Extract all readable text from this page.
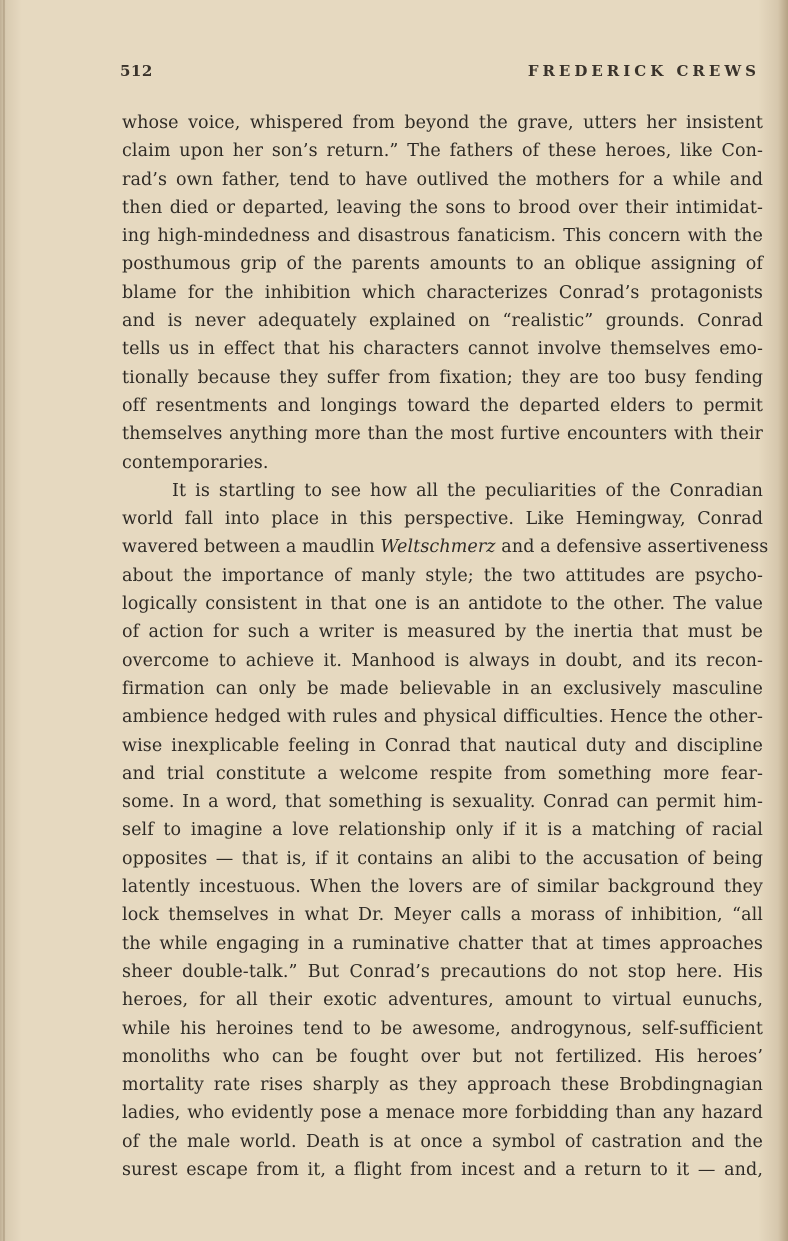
512	FREDERICK CREWS
whose voice, whispered from beyond the grave, utters her insistent
claim upon her son’s return.” The fathers of these heroes, like Con-
rad’s own father, tend to have outlived the mothers for a while and
then died or departed, leaving the sons to brood over their intimidat-
ing high-mindedness and disastrous fanaticism. This concern with the
posthumous grip of the parents amounts to an oblique assigning of
blame for the inhibition which characterizes Conrad’s protagonists
and is never adequately explained on “realistic” grounds. Conrad
tells us in effect that his characters cannot involve themselves emo-
tionally because they suffer from fixation; they are too busy fending
off resentments and longings toward the departed elders to permit
themselves anything more than the most furtive encounters with their
contemporaries.
It is startling to see how all the peculiarities of the Conradian
world fall into place in this perspective. Like Hemingway, Conrad
wavered between a maudlin Weltschmerz and a defensive assertiveness
about the importance of manly style; the two attitudes are psycho-
logically consistent in that one is an antidote to the other. The value
of action for such a writer is measured by the inertia that must be
overcome to achieve it. Manhood is always in doubt, and its recon-
firmation can only be made believable in an exclusively masculine
ambience hedged with rules and physical difficulties. Hence the other-
wise inexplicable feeling in Conrad that nautical duty and discipline
and trial constitute a welcome respite from something more fear-
some. In a word, that something is sexuality. Conrad can permit him-
self to imagine a love relationship only if it is a matching of racial
opposites — that is, if it contains an alibi to the accusation of being
latently incestuous. When the lovers are of similar background they
lock themselves in what Dr. Meyer calls a morass of inhibition, “all
the while engaging in a ruminative chatter that at times approaches
sheer double-talk.” But Conrad’s precautions do not stop here. His
heroes, for all their exotic adventures, amount to virtual eunuchs,
while his heroines tend to be awesome, androgynous, self-sufficient
monoliths who can be fought over but not fertilized. His heroes’
mortality rate rises sharply as they approach these Brobdingnagian
ladies, who evidently pose a menace more forbidding than any hazard
of the male world. Death is at once a symbol of castration and the
surest escape from it, a flight from incest and a return to it — and,
